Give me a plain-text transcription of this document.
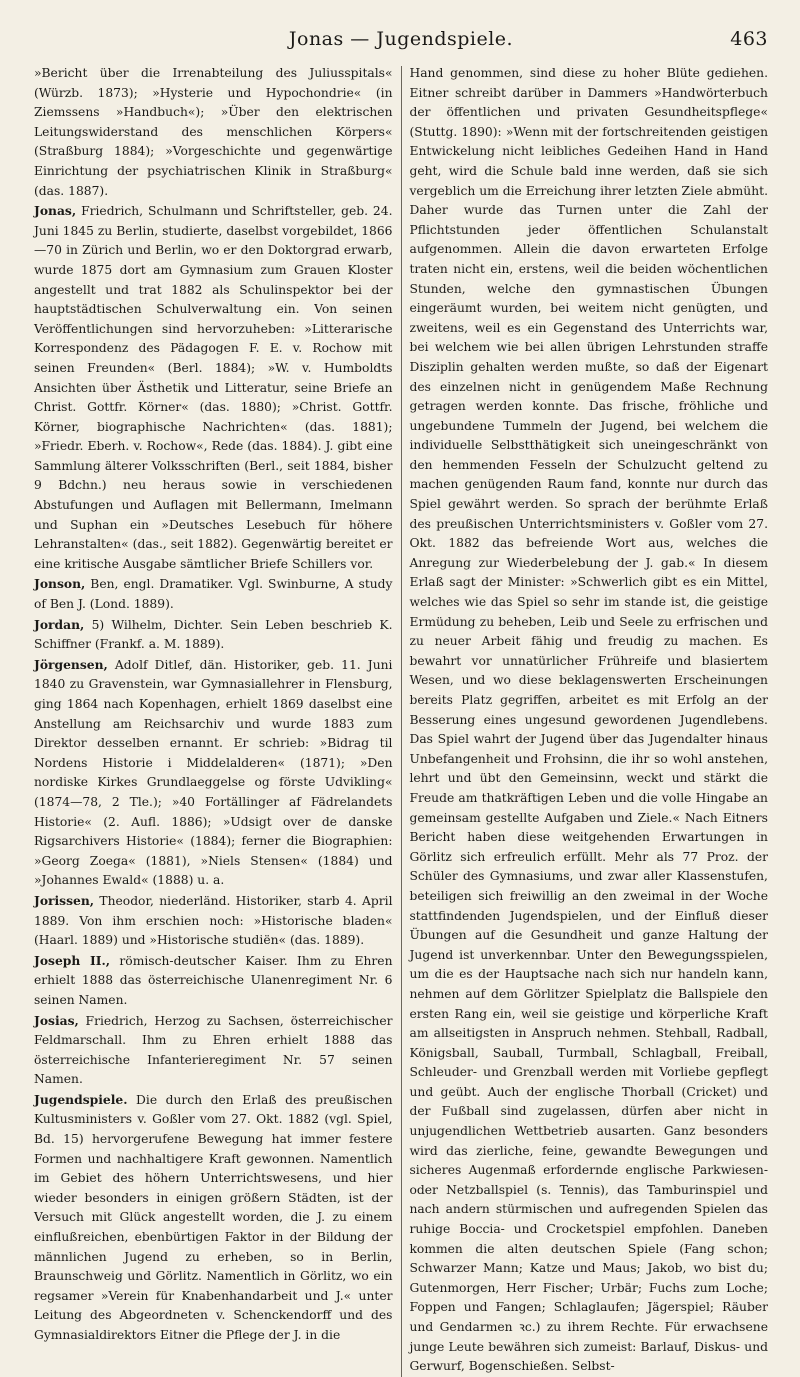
Jonas — Jugendspiele.	463

»Bericht über die Irrenabteilung des Juliusspitals« (Würzb. 1873); »Hysterie und Hypochondrie« (in Ziemssens »Handbuch«); »Über den elektrischen Leitungswiderstand des menschlichen Körpers« (Straßburg 1884); »Vorgeschichte und gegenwärtige Einrichtung der psychiatrischen Klinik in Straßburg« (das. 1887).

Jonas, Friedrich, Schulmann und Schriftsteller, geb. 24. Juni 1845 zu Berlin, studierte, daselbst vorgebildet, 1866—70 in Zürich und Berlin, wo er den Doktorgrad erwarb, wurde 1875 dort am Gymnasium zum Grauen Kloster angestellt und trat 1882 als Schulinspektor bei der hauptstädtischen Schulverwaltung ein. Von seinen Veröffentlichungen sind hervorzuheben: »Litterarische Korrespondenz des Pädagogen F. E. v. Rochow mit seinen Freunden« (Berl. 1884); »W. v. Humboldts Ansichten über Ästhetik und Litteratur, seine Briefe an Christ. Gottfr. Körner« (das. 1880); »Christ. Gottfr. Körner, biographische Nachrichten« (das. 1881); »Friedr. Eberh. v. Rochow«, Rede (das. 1884). J. gibt eine Sammlung älterer Volksschriften (Berl., seit 1884, bisher 9 Bdchn.) neu heraus sowie in verschiedenen Abstufungen und Auflagen mit Bellermann, Imelmann und Suphan ein »Deutsches Lesebuch für höhere Lehranstalten« (das., seit 1882). Gegenwärtig bereitet er eine kritische Ausgabe sämtlicher Briefe Schillers vor.

Jonson, Ben, engl. Dramatiker. Vgl. Swinburne, A study of Ben J. (Lond. 1889).

Jordan, 5) Wilhelm, Dichter. Sein Leben beschrieb K. Schiffner (Frankf. a. M. 1889).

Jörgensen, Adolf Ditlef, dän. Historiker, geb. 11. Juni 1840 zu Gravenstein, war Gymnasiallehrer in Flensburg, ging 1864 nach Kopenhagen, erhielt 1869 daselbst eine Anstellung am Reichsarchiv und wurde 1883 zum Direktor desselben ernannt. Er schrieb: »Bidrag til Nordens Historie i Middelalderen« (1871); »Den nordiske Kirkes Grundlaeggelse og förste Udvikling« (1874—78, 2 Tle.); »40 Fortällinger af Fädrelandets Historie« (2. Aufl. 1886); »Udsigt over de danske Rigsarchivers Historie« (1884); ferner die Biographien: »Georg Zoega« (1881), »Niels Stensen« (1884) und »Johannes Ewald« (1888) u. a.

Jorissen, Theodor, niederländ. Historiker, starb 4. April 1889. Von ihm erschien noch: »Historische bladen« (Haarl. 1889) und »Historische studiën« (das. 1889).

Joseph II., römisch-deutscher Kaiser. Ihm zu Ehren erhielt 1888 das österreichische Ulanenregiment Nr. 6 seinen Namen.

Josias, Friedrich, Herzog zu Sachsen, österreichischer Feldmarschall. Ihm zu Ehren erhielt 1888 das österreichische Infanterieregiment Nr. 57 seinen Namen.

Jugendspiele. Die durch den Erlaß des preußischen Kultusministers v. Goßler vom 27. Okt. 1882 (vgl. Spiel, Bd. 15) hervorgerufene Bewegung hat immer festere Formen und nachhaltigere Kraft gewonnen. Namentlich im Gebiet des höhern Unterrichtswesens, und hier wieder besonders in einigen größern Städten, ist der Versuch mit Glück angestellt worden, die J. zu einem einflußreichen, ebenbürtigen Faktor in der Bildung der männlichen Jugend zu erheben, so in Berlin, Braunschweig und Görlitz. Namentlich in Görlitz, wo ein regsamer »Verein für Knabenhandarbeit und J.« unter Leitung des Abgeordneten v. Schenckendorff und des Gymnasialdirektors Eitner die Pflege der J. in die

Hand genommen, sind diese zu hoher Blüte gediehen. Eitner schreibt darüber in Dammers »Handwörterbuch der öffentlichen und privaten Gesundheitspflege« (Stuttg. 1890): »Wenn mit der fortschreitenden geistigen Entwickelung nicht leibliches Gedeihen Hand in Hand geht, wird die Schule bald inne werden, daß sie sich vergeblich um die Erreichung ihrer letzten Ziele abmüht. Daher wurde das Turnen unter die Zahl der Pflichtstunden jeder öffentlichen Schulanstalt aufgenommen. Allein die davon erwarteten Erfolge traten nicht ein, erstens, weil die beiden wöchentlichen Stunden, welche den gymnastischen Übungen eingeräumt wurden, bei weitem nicht genügten, und zweitens, weil es ein Gegenstand des Unterrichts war, bei welchem wie bei allen übrigen Lehrstunden straffe Disziplin gehalten werden mußte, so daß der Eigenart des einzelnen nicht in genügendem Maße Rechnung getragen werden konnte. Das frische, fröhliche und ungebundene Tummeln der Jugend, bei welchem die individuelle Selbstthätigkeit sich uneingeschränkt von den hemmenden Fesseln der Schulzucht geltend zu machen genügenden Raum fand, konnte nur durch das Spiel gewährt werden. So sprach der berühmte Erlaß des preußischen Unterrichtsministers v. Goßler vom 27. Okt. 1882 das befreiende Wort aus, welches die Anregung zur Wiederbelebung der J. gab.« In diesem Erlaß sagt der Minister: »Schwerlich gibt es ein Mittel, welches wie das Spiel so sehr im stande ist, die geistige Ermüdung zu beheben, Leib und Seele zu erfrischen und zu neuer Arbeit fähig und freudig zu machen. Es bewahrt vor unnatürlicher Frühreife und blasiertem Wesen, und wo diese beklagenswerten Erscheinungen bereits Platz gegriffen, arbeitet es mit Erfolg an der Besserung eines ungesund gewordenen Jugendlebens. Das Spiel wahrt der Jugend über das Jugendalter hinaus Unbefangenheit und Frohsinn, die ihr so wohl anstehen, lehrt und übt den Gemeinsinn, weckt und stärkt die Freude am thatkräftigen Leben und die volle Hingabe an gemeinsam gestellte Aufgaben und Ziele.« Nach Eitners Bericht haben diese weitgehenden Erwartungen in Görlitz sich erfreulich erfüllt. Mehr als 77 Proz. der Schüler des Gymnasiums, und zwar aller Klassenstufen, beteiligen sich freiwillig an den zweimal in der Woche stattfindenden Jugendspielen, und der Einfluß dieser Übungen auf die Gesundheit und ganze Haltung der Jugend ist unverkennbar. Unter den Bewegungsspielen, um die es der Hauptsache nach sich nur handeln kann, nehmen auf dem Görlitzer Spielplatz die Ballspiele den ersten Rang ein, weil sie geistige und körperliche Kraft am allseitigsten in Anspruch nehmen. Stehball, Radball, Königsball, Sauball, Turmball, Schlagball, Freiball, Schleuder- und Grenzball werden mit Vorliebe gepflegt und geübt. Auch der englische Thorball (Cricket) und der Fußball sind zugelassen, dürfen aber nicht in unjugendlichen Wettbetrieb ausarten. Ganz besonders wird das zierliche, feine, gewandte Bewegungen und sicheres Augenmaß erfordernde englische Parkwiesen- oder Netzballspiel (s. Tennis), das Tamburinspiel und nach andern stürmischen und aufregenden Spielen das ruhige Boccia- und Crocketspiel empfohlen. Daneben kommen die alten deutschen Spiele (Fang schon; Schwarzer Mann; Katze und Maus; Jakob, wo bist du; Gutenmorgen, Herr Fischer; Urbär; Fuchs zum Loche; Foppen und Fangen; Schlaglaufen; Jägerspiel; Räuber und Gendarmen ꝛc.) zu ihrem Rechte. Für erwachsene junge Leute bewähren sich zumeist: Barlauf, Diskus- und Gerwurf, Bogenschießen. Selbst-
